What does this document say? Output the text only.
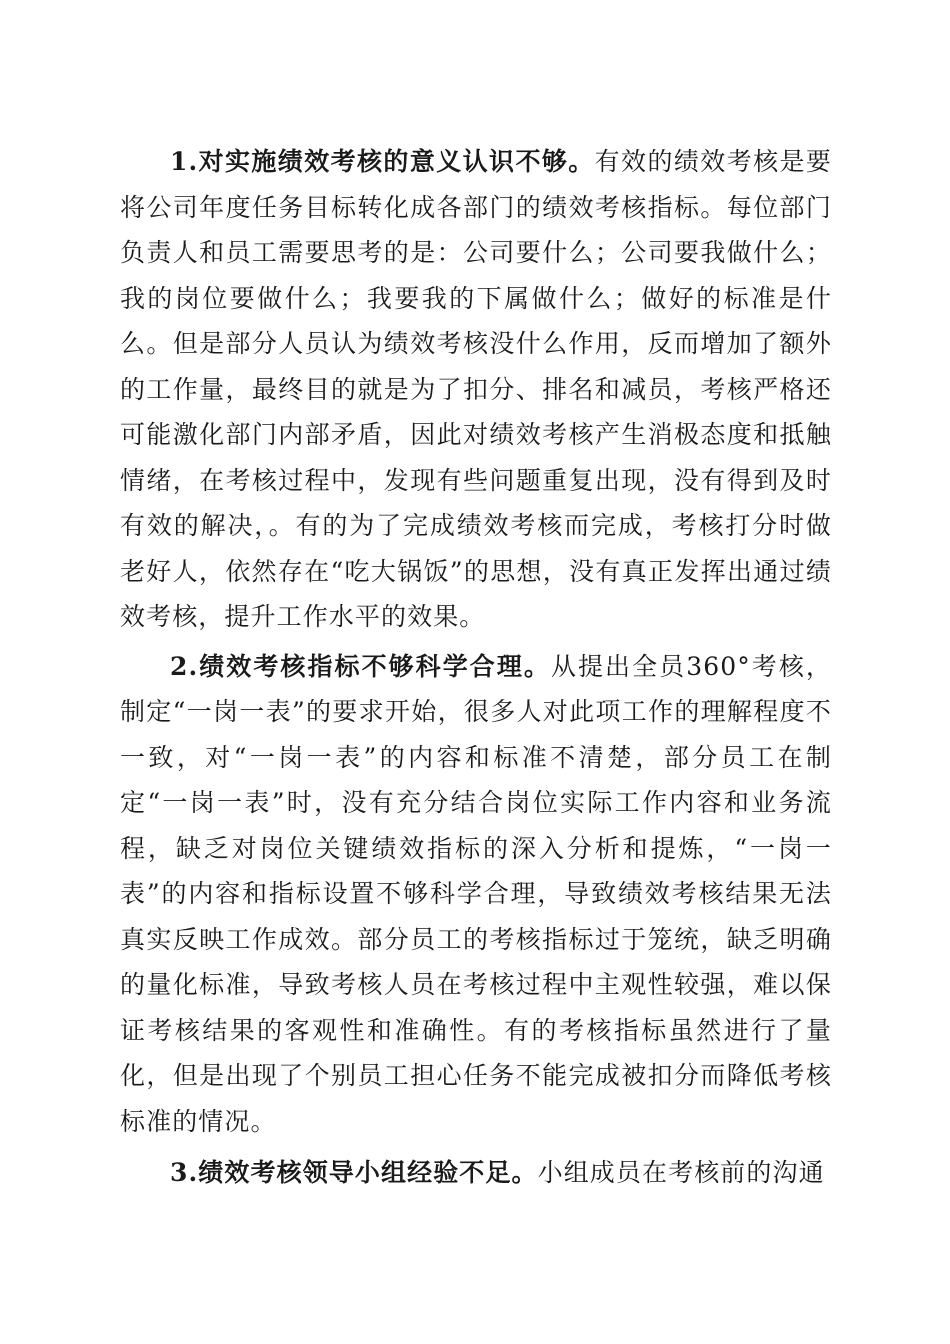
1.对实施绩效考核的意义认识不够。有效的绩效考核是要将公司年度任务目标转化成各部门的绩效考核指标。每位部门负责人和员工需要思考的是：公司要什么；公司要我做什么；我的岗位要做什么；我要我的下属做什么；做好的标准是什么。但是部分人员认为绩效考核没什么作用，反而增加了额外的工作量，最终目的就是为了扣分、排名和减员，考核严格还可能激化部门内部矛盾，因此对绩效考核产生消极态度和抵触情绪，在考核过程中，发现有些问题重复出现，没有得到及时有效的解决，。有的为了完成绩效考核而完成，考核打分时做老好人，依然存在“吃大锅饭”的思想，没有真正发挥出通过绩效考核，提升工作水平的效果。

2.绩效考核指标不够科学合理。从提出全员360°考核，制定“一岗一表”的要求开始，很多人对此项工作的理解程度不一致，对“一岗一表”的内容和标准不清楚，部分员工在制定“一岗一表”时，没有充分结合岗位实际工作内容和业务流程，缺乏对岗位关键绩效指标的深入分析和提炼，“一岗一表”的内容和指标设置不够科学合理，导致绩效考核结果无法真实反映工作成效。部分员工的考核指标过于笼统，缺乏明确的量化标准，导致考核人员在考核过程中主观性较强，难以保证考核结果的客观性和准确性。有的考核指标虽然进行了量化，但是出现了个别员工担心任务不能完成被扣分而降低考核标准的情况。

3.绩效考核领导小组经验不足。小组成员在考核前的沟通
